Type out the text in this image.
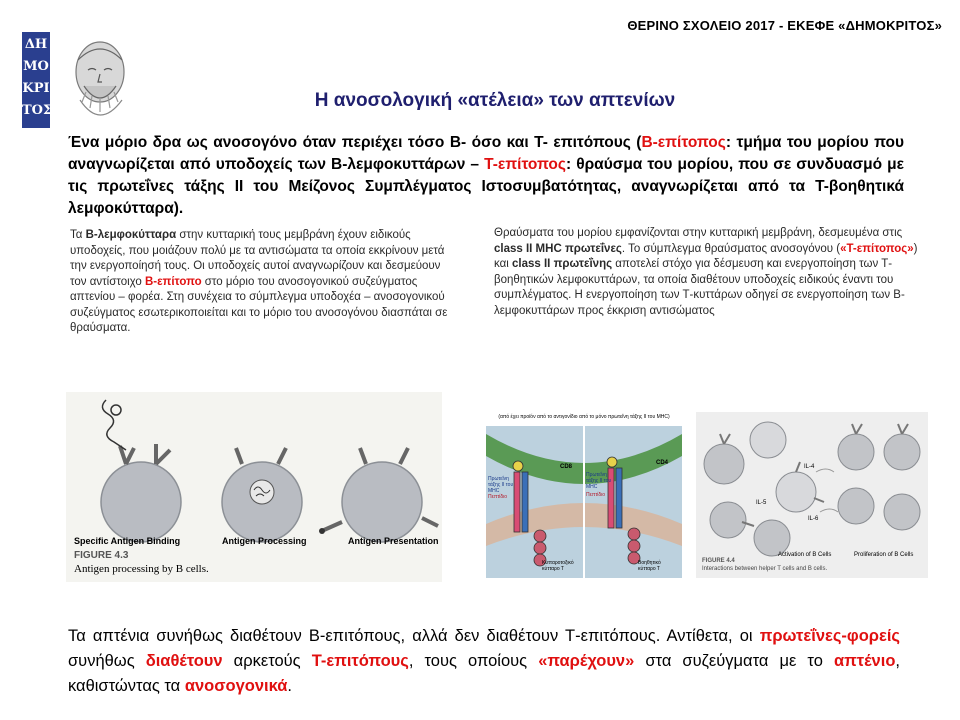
ΘΕΡΙΝΟ ΣΧΟΛΕΙΟ 2017 - ΕΚΕΦΕ «ΔΗΜΟΚΡΙΤΟΣ»
ΔΗ
ΜΟ
ΚΡΙ
ΤΟΣ	Η ανοσολογική «ατέλεια» των απτενίων
Ένα μόριο δρα ως ανοσογόνο όταν περιέχει τόσο Β- όσο και Τ- επιτόπους (Β-επίτοπος: τμήμα του μορίου που αναγνωρίζεται από υποδοχείς των Β-λεμφοκυττάρων – Τ-επίτοπος: θραύσμα του μορίου, που σε συνδυασμό με τις πρωτεΐνες τάξης ΙΙ του Μείζονος Συμπλέγματος Ιστοσυμβατότητας, αναγνωρίζεται από τα Τ-βοηθητικά λεμφοκύτταρα).
Τα Β-λεμφοκύτταρα στην κυτταρική τους μεμβράνη έχουν ειδικούς υποδοχείς, που μοιάζουν πολύ με τα αντισώματα τα οποία εκκρίνουν μετά την ενεργοποίησή τους. Οι υποδοχείς αυτοί αναγνωρίζουν και δεσμεύουν τον αντίστοιχο Β-επίτοπο στο μόριο του ανοσογονικού συζεύγματος απτενίου – φορέα. Στη συνέχεια το σύμπλεγμα υποδοχέα – ανοσογονικού συζεύγματος εσωτερικοποιείται και το μόριο του ανοσογόνου διασπάται σε θραύσματα.
Θραύσματα του μορίου εμφανίζονται στην κυτταρική μεμβράνη, δεσμευμένα στις class II MHC πρωτεΐνες. Το σύμπλεγμα θραύσματος ανοσογόνου («Τ-επίτοπος») και class II πρωτεΐνης αποτελεί στόχο για δέσμευση και ενεργοποίηση των Τ-βοηθητικών λεμφοκυττάρων, τα οποία διαθέτουν υποδοχείς ειδικούς έναντι του συμπλέγματος. Η ενεργοποίηση των Τ-κυττάρων οδηγεί σε ενεργοποίηση των Β-λεμφοκυττάρων προς έκκριση αντισώματος
Specific Antigen Binding	Antigen Processing	Antigen Presentation
FIGURE 4.3
Antigen processing by B cells.
(από έχει προϊόν από το αντιγονίδιο από το μόνο πρωτεΐνη τάξης ΙΙ του MHC)
Πρωτεΐνη τάξης ΙΙ του MHC
Πεπτίδιο
Πρωτεΐνη τάξης ΙΙ του MHC
Πεπτίδιο
CD8
CD4
Κυτταροτοξικό κύτταρο Τ
Βοηθητικό κύτταρο Τ
IL-4
IL-5
IL-6
Activation of B Cells	Proliferation of B Cells
FIGURE 4.4
Interactions between helper T cells and B cells.
Τα απτένια συνήθως διαθέτουν Β-επιτόπους, αλλά δεν διαθέτουν Τ-επιτόπους. Αντίθετα, οι πρωτεΐνες-φορείς συνήθως διαθέτουν αρκετούς Τ-επιτόπους, τους οποίους «παρέχουν» στα συζεύγματα με το απτένιο, καθιστώντας τα ανοσογονικά.
